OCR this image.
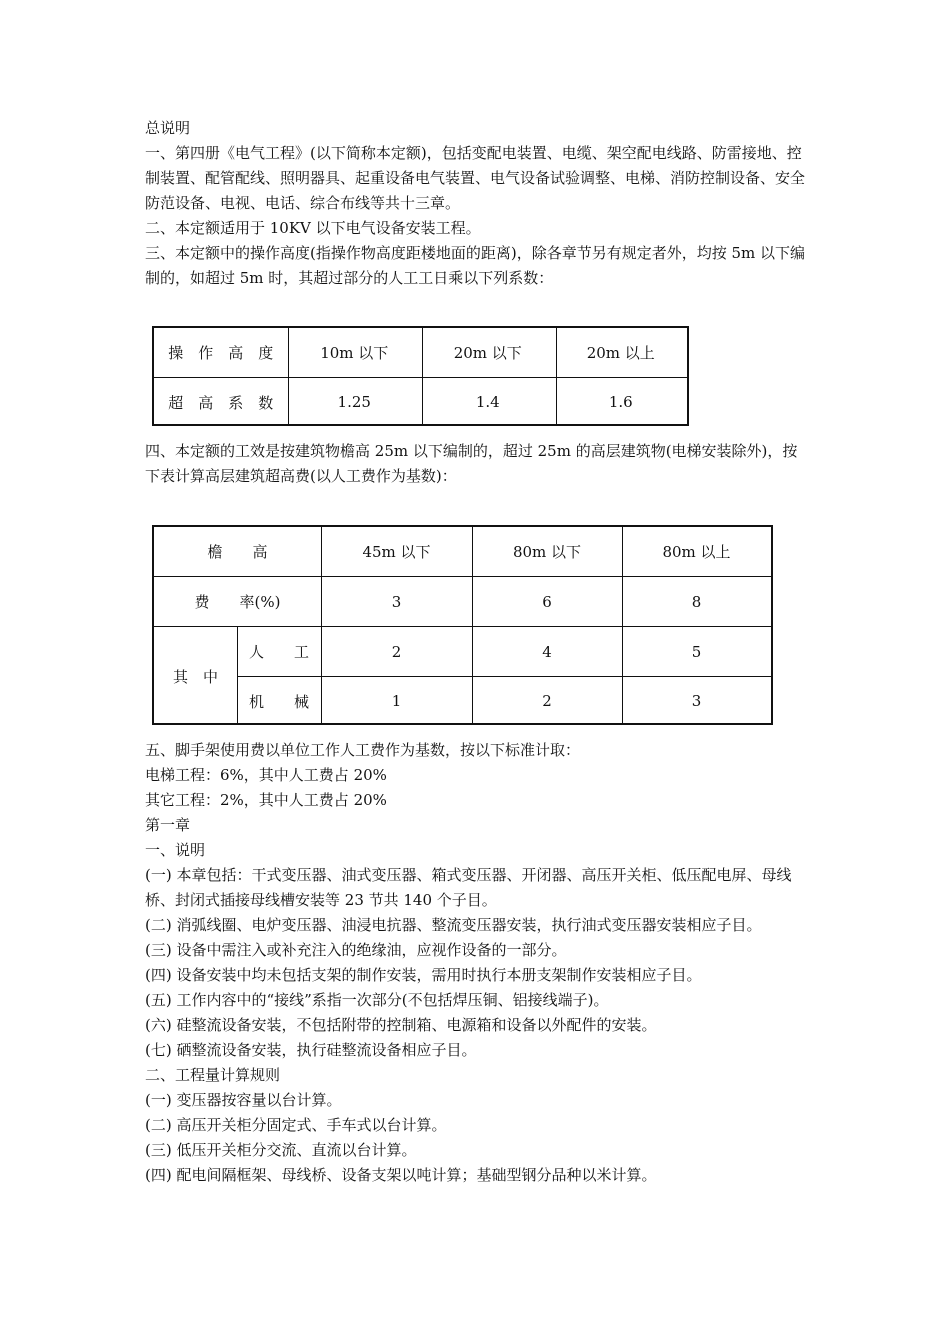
总说明

一、第四册《电气工程》(以下简称本定额)，包括变配电装置、电缆、架空配电线路、防雷接地、控制装置、配管配线、照明器具、起重设备电气装置、电气设备试验调整、电梯、消防控制设备、安全防范设备、电视、电话、综合布线等共十三章。

二、本定额适用于 10KV 以下电气设备安装工程。

三、本定额中的操作高度(指操作物高度距楼地面的距离)，除各章节另有规定者外，均按 5m 以下编制的，如超过 5m 时，其超过部分的人工工日乘以下列系数：

操　作　高　度	10m 以下	20m 以下	20m 以上
超　高　系　数	1.25	1.4	1.6

四、本定额的工效是按建筑物檐高 25m 以下编制的，超过 25m 的高层建筑物(电梯安装除外)，按下表计算高层建筑超高费(以人工费作为基数)：

檐　　高	45m 以下	80m 以下	80m 以上
费　　率(%)	3	6	8
其　中
人　　工	2	4	5
机　　械	1	2	3

五、脚手架使用费以单位工作人工费作为基数，按以下标准计取：

电梯工程：6%，其中人工费占 20%

其它工程：2%，其中人工费占 20%

第一章

一、说明

(一) 本章包括：干式变压器、油式变压器、箱式变压器、开闭器、高压开关柜、低压配电屏、母线桥、封闭式插接母线槽安装等 23 节共 140 个子目。

(二) 消弧线圈、电炉变压器、油浸电抗器、整流变压器安装，执行油式变压器安装相应子目。

(三) 设备中需注入或补充注入的绝缘油，应视作设备的一部分。

(四) 设备安装中均未包括支架的制作安装，需用时执行本册支架制作安装相应子目。

(五) 工作内容中的“接线”系指一次部分(不包括焊压铜、铝接线端子)。

(六) 硅整流设备安装，不包括附带的控制箱、电源箱和设备以外配件的安装。

(七) 硒整流设备安装，执行硅整流设备相应子目。

二、工程量计算规则

(一) 变压器按容量以台计算。

(二) 高压开关柜分固定式、手车式以台计算。

(三) 低压开关柜分交流、直流以台计算。

(四) 配电间隔框架、母线桥、设备支架以吨计算；基础型钢分品种以米计算。
